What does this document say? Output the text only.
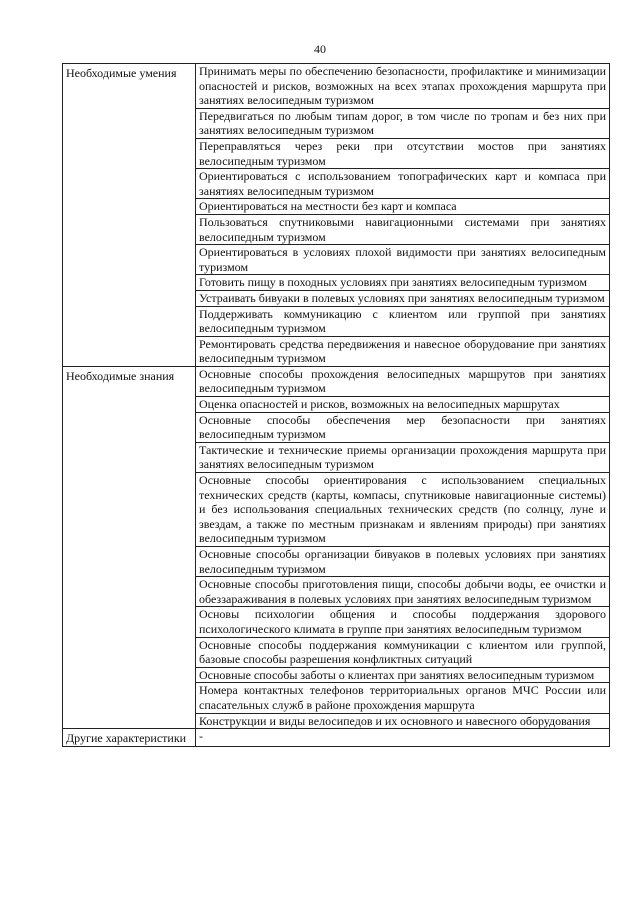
40
Необходимые умения	Принимать меры по обеспечению безопасности, профилактике и минимизации опасностей и рисков, возможных на всех этапах прохождения маршрута при занятиях велосипедным туризмом
	Передвигаться по любым типам дорог, в том числе по тропам и без них при занятиях велосипедным туризмом
	Переправляться через реки при отсутствии мостов при занятиях велосипедным туризмом
	Ориентироваться с использованием топографических карт и компаса при занятиях велосипедным туризмом
	Ориентироваться на местности без карт и компаса
	Пользоваться спутниковыми навигационными системами при занятиях велосипедным туризмом
	Ориентироваться в условиях плохой видимости при занятиях велосипедным туризмом
	Готовить пищу в походных условиях при занятиях велосипедным туризмом
	Устраивать бивуаки в полевых условиях при занятиях велосипедным туризмом
	Поддерживать коммуникацию с клиентом или группой при занятиях велосипедным туризмом
	Ремонтировать средства передвижения и навесное оборудование при занятиях велосипедным туризмом
Необходимые знания	Основные способы прохождения велосипедных маршрутов при занятиях велосипедным туризмом
	Оценка опасностей и рисков, возможных на велосипедных маршрутах
	Основные способы обеспечения мер безопасности при занятиях велосипедным туризмом
	Тактические и технические приемы организации прохождения маршрута при занятиях велосипедным туризмом
	Основные способы ориентирования с использованием специальных технических средств (карты, компасы, спутниковые навигационные системы) и без использования специальных технических средств (по солнцу, луне и звездам, а также по местным признакам и явлениям природы) при занятиях велосипедным туризмом
	Основные способы организации бивуаков в полевых условиях при занятиях велосипедным туризмом
	Основные способы приготовления пищи, способы добычи воды, ее очистки и обеззараживания в полевых условиях при занятиях велосипедным туризмом
	Основы психологии общения и способы поддержания здорового психологического климата в группе при занятиях велосипедным туризмом
	Основные способы поддержания коммуникации с клиентом или группой, базовые способы разрешения конфликтных ситуаций
	Основные способы заботы о клиентах при занятиях велосипедным туризмом
	Номера контактных телефонов территориальных органов МЧС России или спасательных служб в районе прохождения маршрута
	Конструкции и виды велосипедов и их основного и навесного оборудования
Другие характеристики	-
